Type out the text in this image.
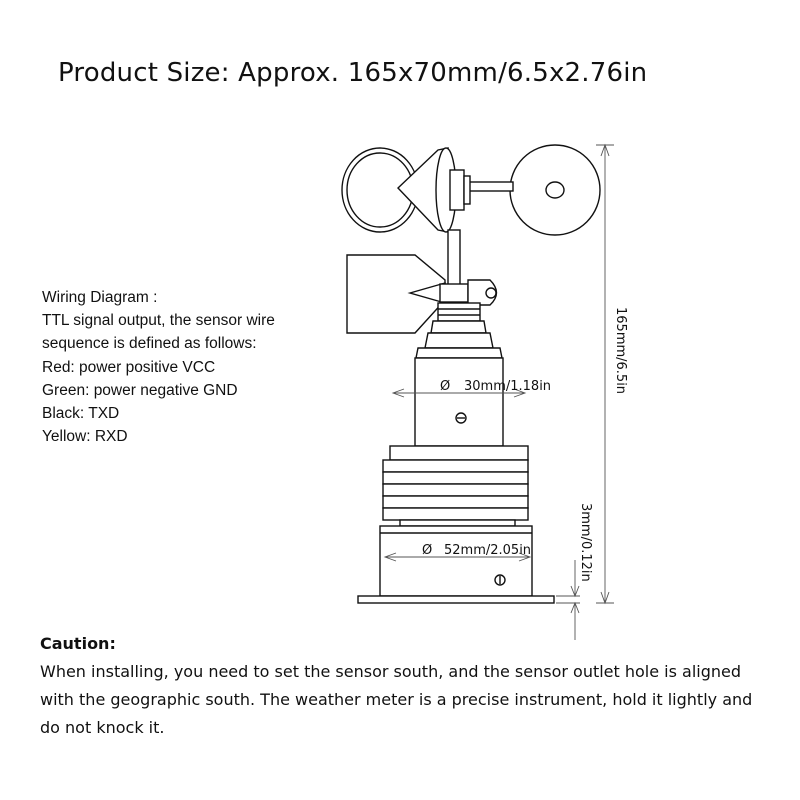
Product Size: Approx. 165x70mm/6.5x2.76in
Wiring Diagram :
TTL signal output, the sensor wire
sequence is defined as follows:
Red: power positive VCC
Green: power negative GND
Black: TXD
Yellow: RXD
165mm/6.5in
Ø 30mm/1.18in
Ø 52mm/2.05in	3mm/0.12in
Caution:
When installing, you need to set the sensor south, and the sensor outlet hole is aligned with the geographic south. The weather meter is a precise instrument, hold it lightly and do not knock it.
